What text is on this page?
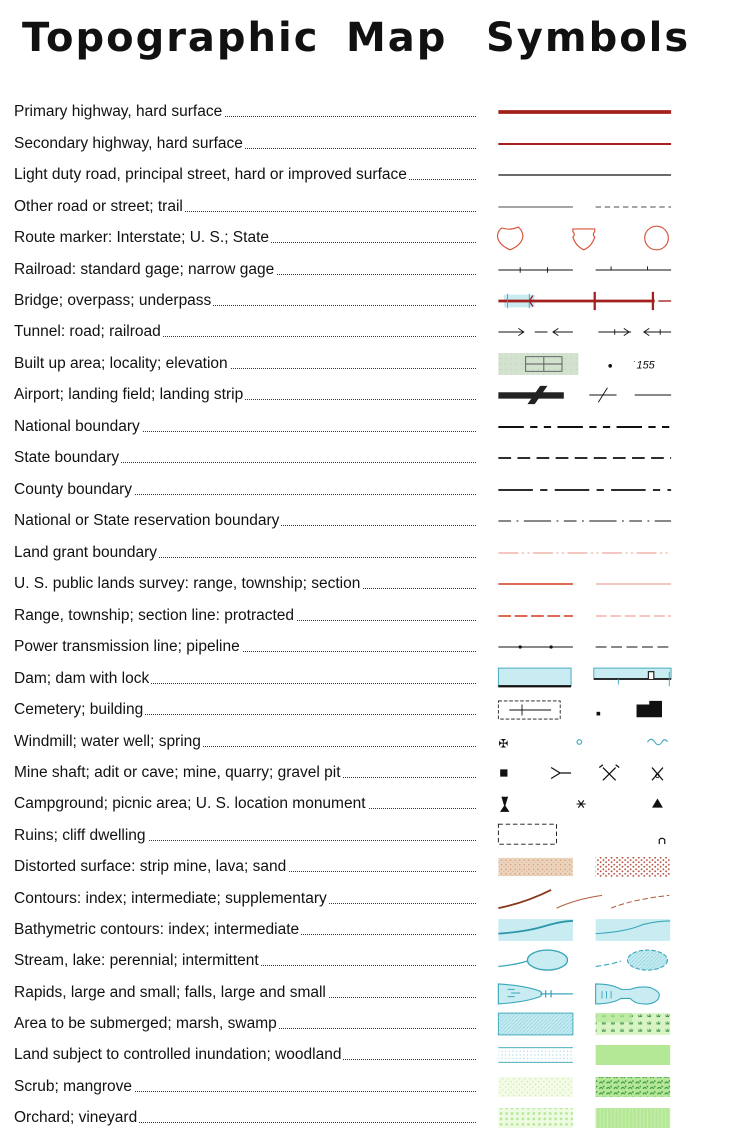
Topographic Map Symbols
Primary highway, hard surface
Secondary highway, hard surface
Light duty road, principal street, hard or improved surface
Other road or street; trail
Route marker: Interstate; U. S.; State
Railroad: standard gage; narrow gage
Bridge; overpass; underpass
Tunnel: road; railroad
Built up area; locality; elevation	155
·
Airport; landing field; landing strip
National boundary
State boundary
County boundary
National or State reservation boundary
Land grant boundary
U. S. public lands survey: range, township; section
Range, township; section line: protracted
Power transmission line; pipeline
Dam; dam with lock
Cemetery; building
Windmill; water well; spring	✠
Mine shaft; adit or cave; mine, quarry; gravel pit
Campground; picnic area; U. S. location monument
Ruins; cliff dwelling
Distorted surface: strip mine, lava; sand
Contours: index; intermediate; supplementary
Bathymetric contours: index; intermediate
Stream, lake: perennial; intermittent
Rapids, large and small; falls, large and small
Area to be submerged; marsh, swamp
Land subject to controlled inundation; woodland
Scrub; mangrove
Orchard; vineyard
